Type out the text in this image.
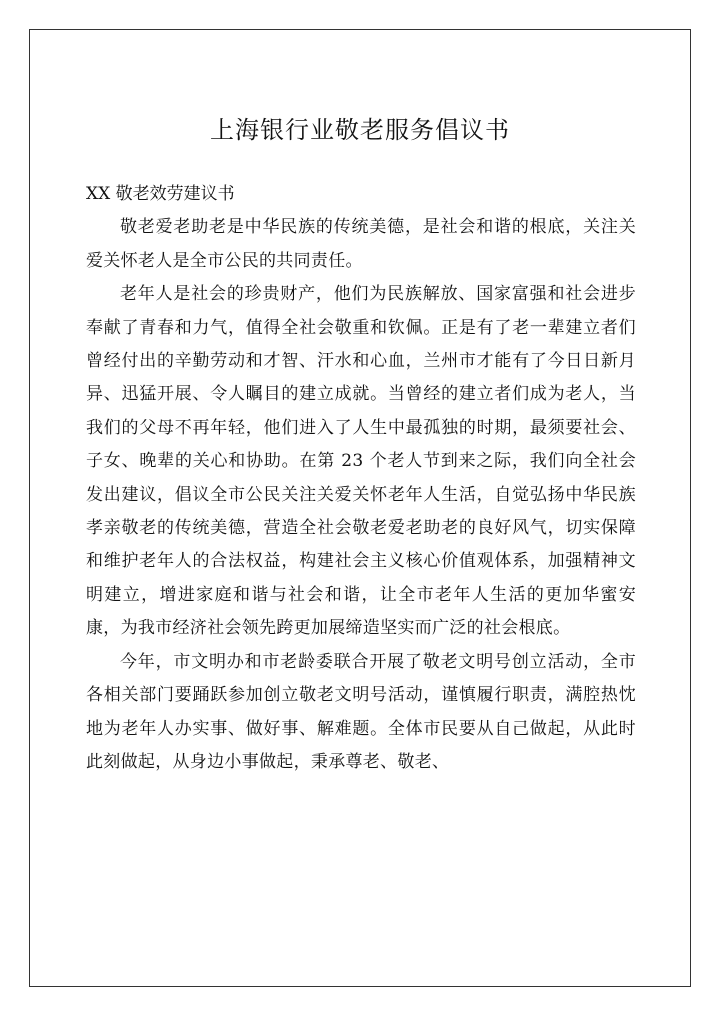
上海银行业敬老服务倡议书

XX 敬老效劳建议书

敬老爱老助老是中华民族的传统美德，是社会和谐的根底，关注关爱关怀老人是全市公民的共同责任。

老年人是社会的珍贵财产，他们为民族解放、国家富强和社会进步奉献了青春和力气，值得全社会敬重和钦佩。正是有了老一辈建立者们曾经付出的辛勤劳动和才智、汗水和心血，兰州市才能有了今日日新月异、迅猛开展、令人瞩目的建立成就。当曾经的建立者们成为老人，当我们的父母不再年轻，他们进入了人生中最孤独的时期，最须要社会、子女、晚辈的关心和协助。在第 23 个老人节到来之际，我们向全社会发出建议，倡议全市公民关注关爱关怀老年人生活，自觉弘扬中华民族孝亲敬老的传统美德，营造全社会敬老爱老助老的良好风气，切实保障和维护老年人的合法权益，构建社会主义核心价值观体系，加强精神文明建立，增进家庭和谐与社会和谐，让全市老年人生活的更加华蜜安康，为我市经济社会领先跨更加展缔造坚实而广泛的社会根底。

今年，市文明办和市老龄委联合开展了敬老文明号创立活动，全市各相关部门要踊跃参加创立敬老文明号活动，谨慎履行职责，满腔热忱地为老年人办实事、做好事、解难题。全体市民要从自己做起，从此时此刻做起，从身边小事做起，秉承尊老、敬老、
